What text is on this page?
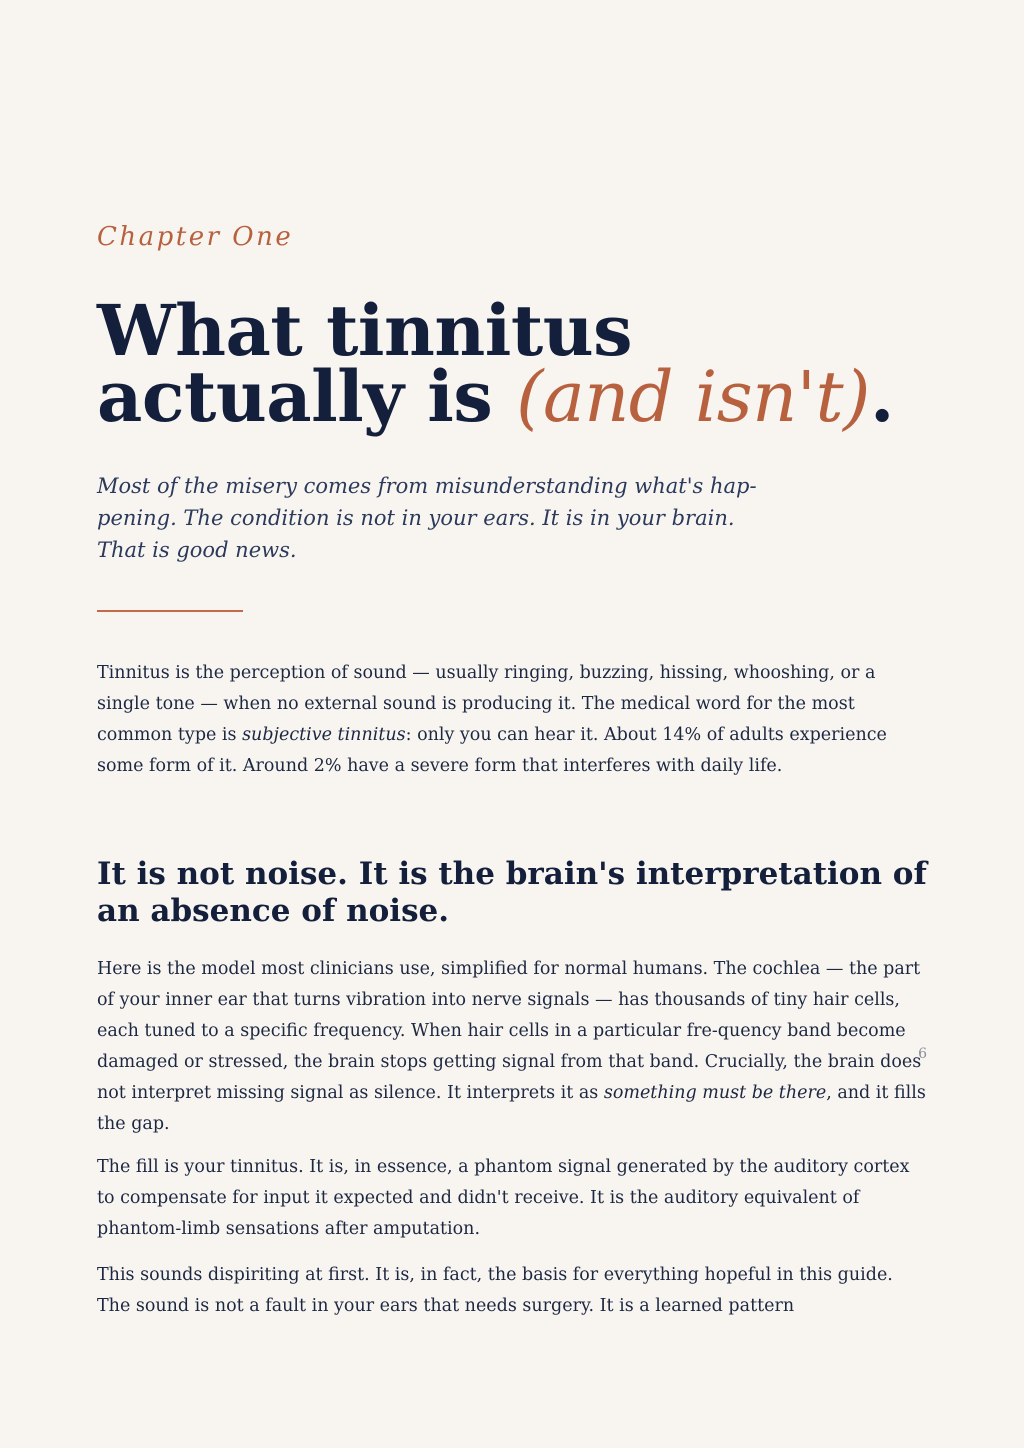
Chapter One

What tinnitus
actually is (and isn't).

Most of the misery comes from misunderstanding what's hap-
pening. The condition is not in your ears. It is in your brain.
That is good news.

Tinnitus is the perception of sound — usually ringing, buzzing, hissing, whooshing, or a single tone — when no external sound is producing it. The medical word for the most common type is subjective tinnitus: only you can hear it. About 14% of adults experience some form of it. Around 2% have a severe form that interferes with daily life.

It is not noise. It is the brain's interpretation of an absence of noise.

Here is the model most clinicians use, simplified for normal humans. The cochlea — the part of your inner ear that turns vibration into nerve signals — has thousands of tiny hair cells, each tuned to a specific frequency. When hair cells in a particular fre-quency band become damaged or stressed, the brain stops getting signal from that band. Crucially, the brain does not interpret missing signal as silence. It interprets it as something must be there, and it fills the gap.

The fill is your tinnitus. It is, in essence, a phantom signal generated by the auditory cortex to compensate for input it expected and didn't receive. It is the auditory equivalent of phantom-limb sensations after amputation.

This sounds dispiriting at first. It is, in fact, the basis for everything hopeful in this guide. The sound is not a fault in your ears that needs surgery. It is a learned pattern

6
